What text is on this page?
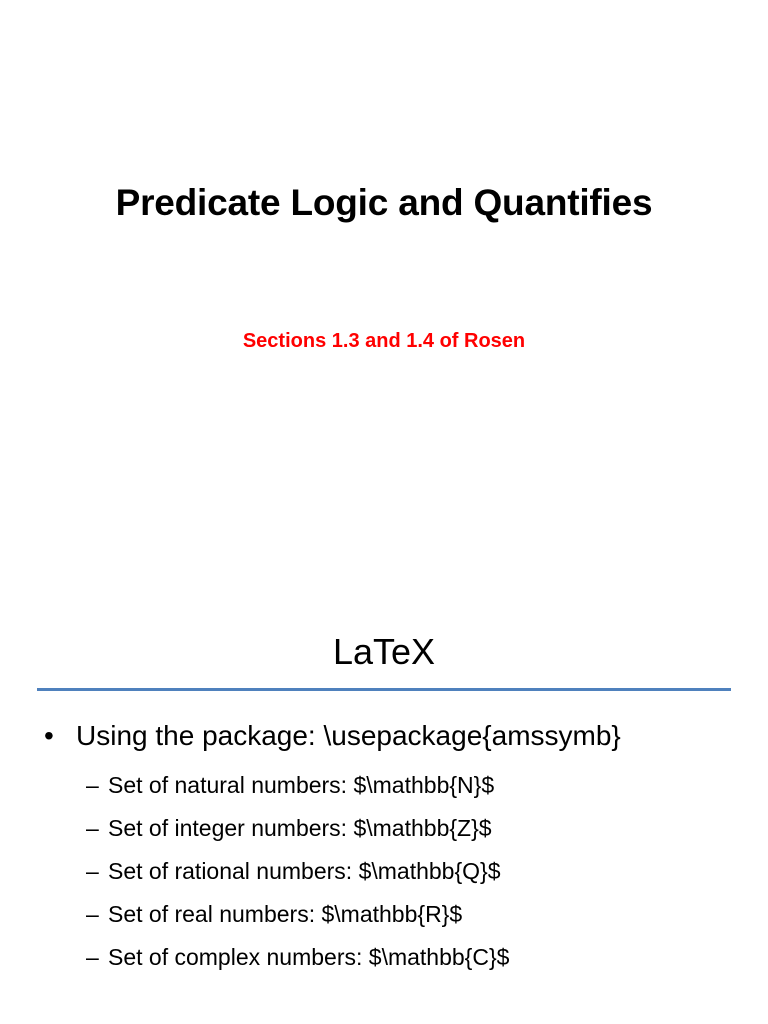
Predicate Logic and Quantifies
Sections 1.3 and 1.4 of Rosen
LaTeX
• Using the package: \usepackage{amssymb}
– Set of natural numbers: $\mathbb{N}$
– Set of integer numbers: $\mathbb{Z}$
– Set of rational numbers: $\mathbb{Q}$
– Set of real numbers: $\mathbb{R}$
– Set of complex numbers: $\mathbb{C}$
